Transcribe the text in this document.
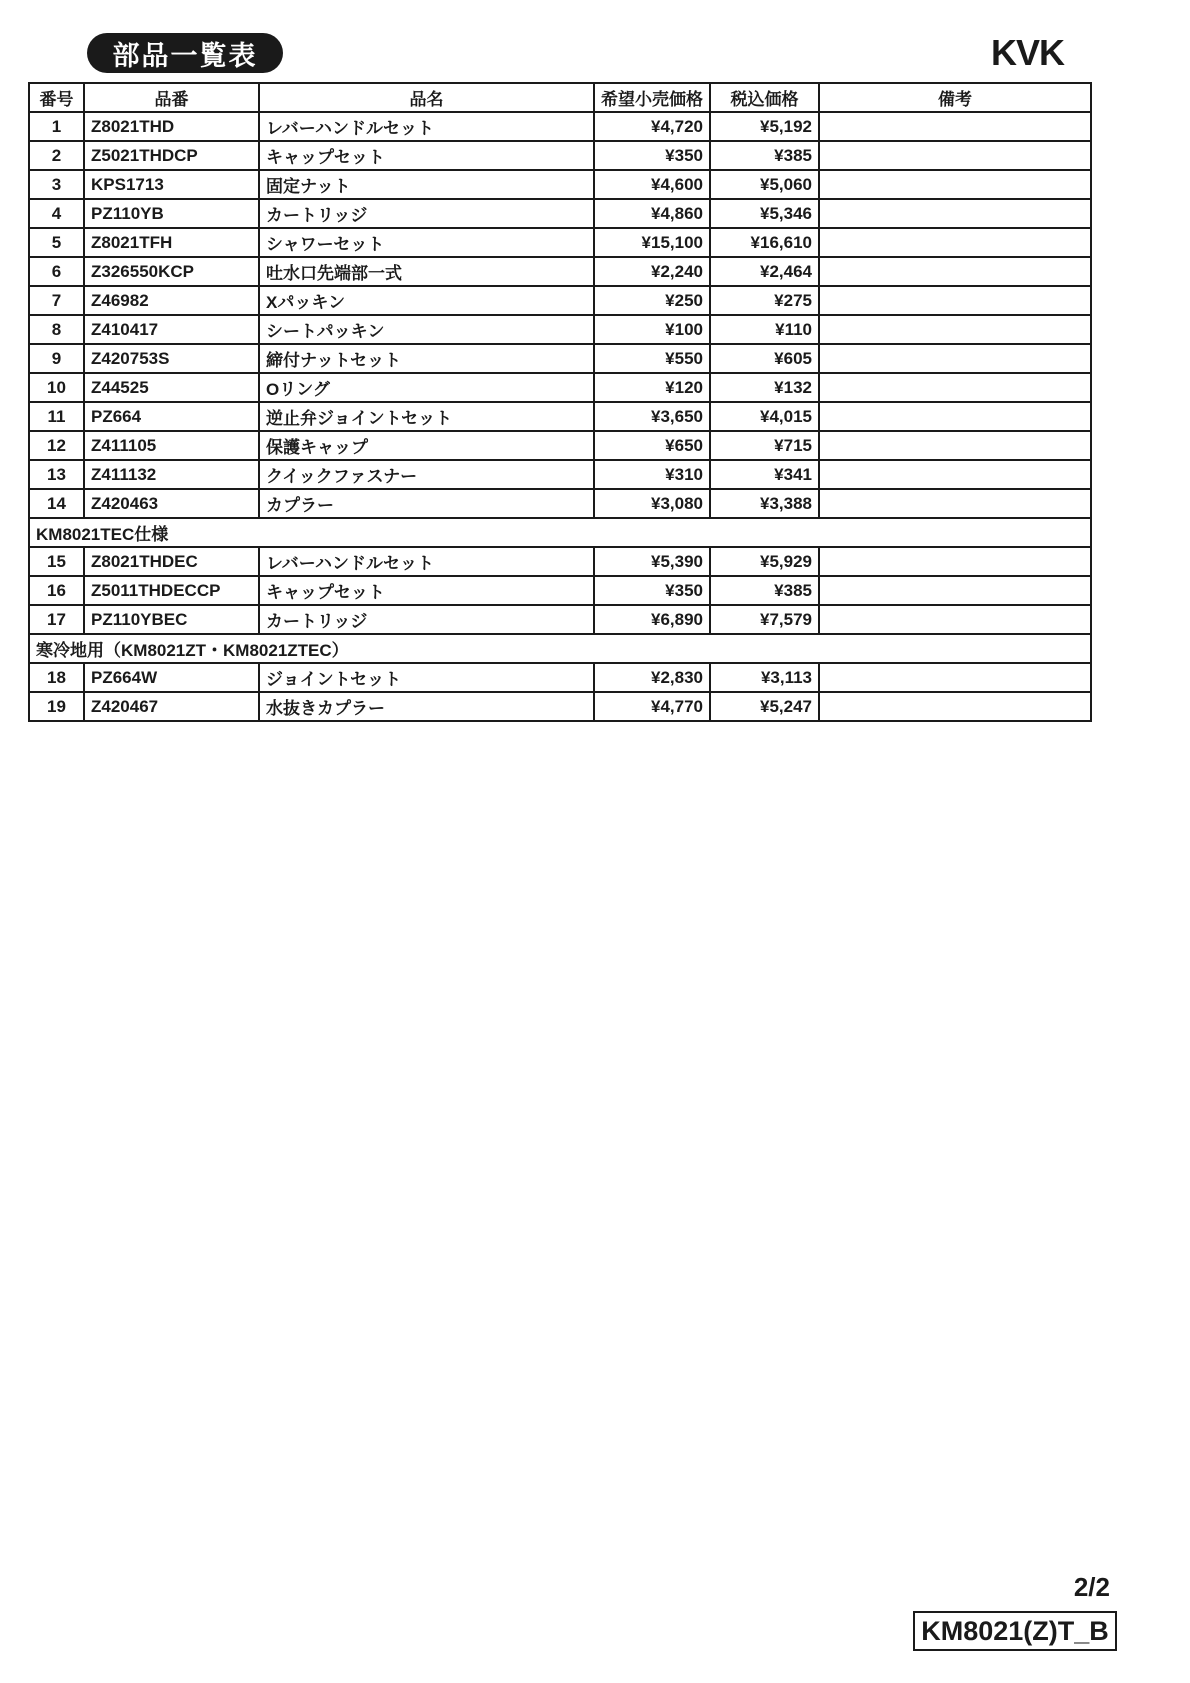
部品一覧表	KVK
番号	品番	品名	希望小売価格	税込価格	備考
1	Z8021THD	レバーハンドルセット	¥4,720	¥5,192	
2	Z5021THDCP	キャップセット	¥350	¥385	
3	KPS1713	固定ナット	¥4,600	¥5,060	
4	PZ110YB	カートリッジ	¥4,860	¥5,346	
5	Z8021TFH	シャワーセット	¥15,100	¥16,610	
6	Z326550KCP	吐水口先端部一式	¥2,240	¥2,464	
7	Z46982	Xパッキン	¥250	¥275	
8	Z410417	シートパッキン	¥100	¥110	
9	Z420753S	締付ナットセット	¥550	¥605	
10	Z44525	Oリング	¥120	¥132	
11	PZ664	逆止弁ジョイントセット	¥3,650	¥4,015	
12	Z411105	保護キャップ	¥650	¥715	
13	Z411132	クイックファスナー	¥310	¥341	
14	Z420463	カプラー	¥3,080	¥3,388	
KM8021TEC仕様					
15	Z8021THDEC	レバーハンドルセット	¥5,390	¥5,929	
16	Z5011THDECCP	キャップセット	¥350	¥385	
17	PZ110YBEC	カートリッジ	¥6,890	¥7,579	
寒冷地用（KM8021ZT・KM8021ZTEC）					
18	PZ664W	ジョイントセット	¥2,830	¥3,113	
19	Z420467	水抜きカプラー	¥4,770	¥5,247	
2/2
KM8021(Z)T_B
